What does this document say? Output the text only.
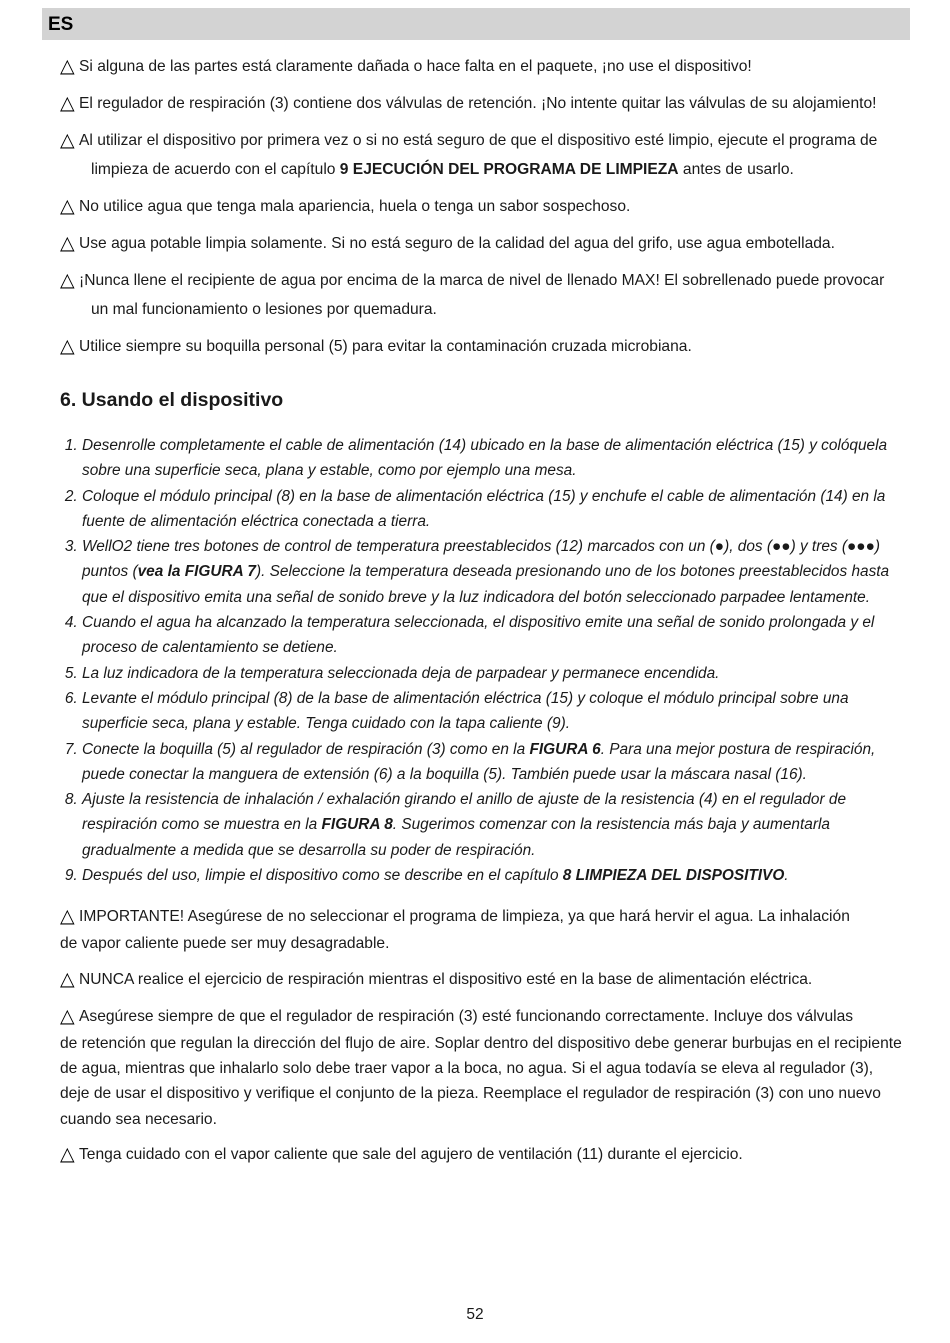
ES
△ Si alguna de las partes está claramente dañada o hace falta en el paquete, ¡no use el dispositivo!
△ El regulador de respiración (3) contiene dos válvulas de retención. ¡No intente quitar las válvulas de su alojamiento!
△ Al utilizar el dispositivo por primera vez o si no está seguro de que el dispositivo esté limpio, ejecute el programa de limpieza de acuerdo con el capítulo 9 EJECUCIÓN DEL PROGRAMA DE LIMPIEZA antes de usarlo.
△ No utilice agua que tenga mala apariencia, huela o tenga un sabor sospechoso.
△ Use agua potable limpia solamente. Si no está seguro de la calidad del agua del grifo, use agua embotellada.
△ ¡Nunca llene el recipiente de agua por encima de la marca de nivel de llenado MAX! El sobrellenado puede provocar un mal funcionamiento o lesiones por quemadura.
△ Utilice siempre su boquilla personal (5) para evitar la contaminación cruzada microbiana.
6. Usando el dispositivo
1. Desenrolle completamente el cable de alimentación (14) ubicado en la base de alimentación eléctrica (15) y colóquela sobre una superficie seca, plana y estable, como por ejemplo una mesa.
2. Coloque el módulo principal (8) en la base de alimentación eléctrica (15) y enchufe el cable de alimentación (14) en la fuente de alimentación eléctrica conectada a tierra.
3. WellO2 tiene tres botones de control de temperatura preestablecidos (12) marcados con un (●), dos (●●) y tres (●●●) puntos (vea la FIGURA 7). Seleccione la temperatura deseada presionando uno de los botones preestablecidos hasta que el dispositivo emita una señal de sonido breve y la luz indicadora del botón seleccionado parpadee lentamente.
4. Cuando el agua ha alcanzado la temperatura seleccionada, el dispositivo emite una señal de sonido prolongada y el proceso de calentamiento se detiene.
5. La luz indicadora de la temperatura seleccionada deja de parpadear y permanece encendida.
6. Levante el módulo principal (8) de la base de alimentación eléctrica (15) y coloque el módulo principal sobre una superficie seca, plana y estable. Tenga cuidado con la tapa caliente (9).
7. Conecte la boquilla (5) al regulador de respiración (3) como en la FIGURA 6. Para una mejor postura de respiración, puede conectar la manguera de extensión (6) a la boquilla (5). También puede usar la máscara nasal (16).
8. Ajuste la resistencia de inhalación / exhalación girando el anillo de ajuste de la resistencia (4) en el regulador de respiración como se muestra en la FIGURA 8. Sugerimos comenzar con la resistencia más baja y aumentarla gradualmente a medida que se desarrolla su poder de respiración.
9. Después del uso, limpie el dispositivo como se describe en el capítulo 8 LIMPIEZA DEL DISPOSITIVO.
△ IMPORTANTE! Asegúrese de no seleccionar el programa de limpieza, ya que hará hervir el agua. La inhalación
de vapor caliente puede ser muy desagradable.
△ NUNCA realice el ejercicio de respiración mientras el dispositivo esté en la base de alimentación eléctrica.
△ Asegúrese siempre de que el regulador de respiración (3) esté funcionando correctamente. Incluye dos válvulas
de retención que regulan la dirección del flujo de aire. Soplar dentro del dispositivo debe generar burbujas en el recipiente de agua, mientras que inhalarlo solo debe traer vapor a la boca, no agua. Si el agua todavía se eleva al regulador (3), deje de usar el dispositivo y verifique el conjunto de la pieza. Reemplace el regulador de respiración (3) con uno nuevo cuando sea necesario.
△ Tenga cuidado con el vapor caliente que sale del agujero de ventilación (11) durante el ejercicio.
52
